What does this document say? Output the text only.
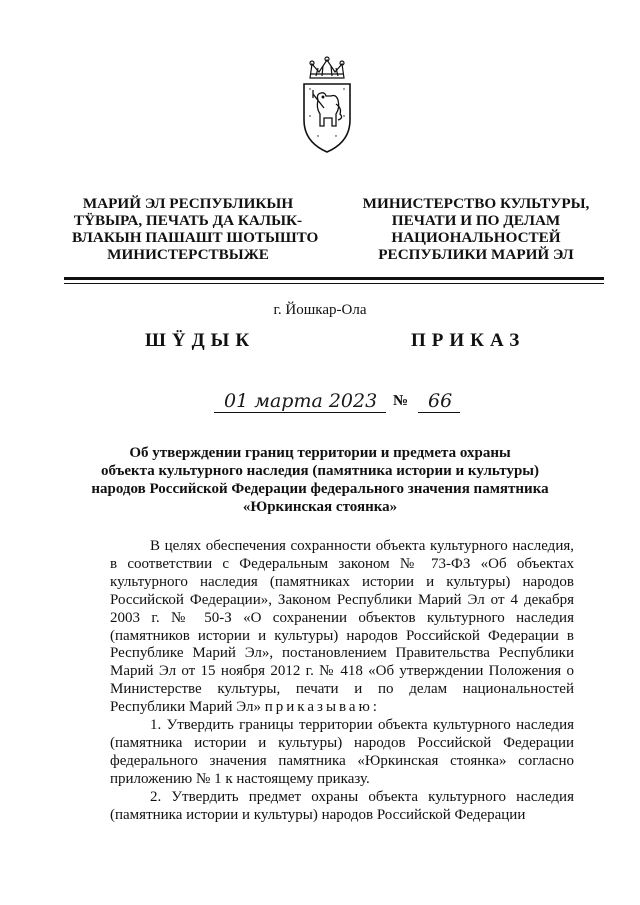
МАРИЙ ЭЛ РЕСПУБЛИКЫН
ТŸВЫРА, ПЕЧАТЬ ДА КАЛЫК-
ВЛАКЫН ПАШАШТ ШОТЫШТО
МИНИСТЕРСТВЫЖЕ
МИНИСТЕРСТВО КУЛЬТУРЫ,
ПЕЧАТИ И ПО ДЕЛАМ
НАЦИОНАЛЬНОСТЕЙ
РЕСПУБЛИКИ МАРИЙ ЭЛ
г. Йошкар-Ола
ШŸДЫК	ПРИКАЗ
01 марта 2023 № 66
Об утверждении границ территории и предмета охраны
объекта культурного наследия (памятника истории и культуры)
народов Российской Федерации федерального значения памятника
«Юркинская стоянка»

В целях обеспечения сохранности объекта культурного наследия, в соответствии с Федеральным законом № 73-ФЗ «Об объектах культурного наследия (памятниках истории и культуры) народов Российской Федерации», Законом Республики Марий Эл от 4 декабря 2003 г. № 50-З «О сохранении объектов культурного наследия (памятников истории и культуры) народов Российской Федерации в Республике Марий Эл», постановлением Правительства Республики Марий Эл от 15 ноября 2012 г. № 418 «Об утверждении Положения о Министерстве культуры, печати и по делам национальностей Республики Марий Эл» приказываю:

1. Утвердить границы территории объекта культурного наследия (памятника истории и культуры) народов Российской Федерации федерального значения памятника «Юркинская стоянка» согласно приложению № 1 к настоящему приказу.

2. Утвердить предмет охраны объекта культурного наследия (памятника истории и культуры) народов Российской Федерации
